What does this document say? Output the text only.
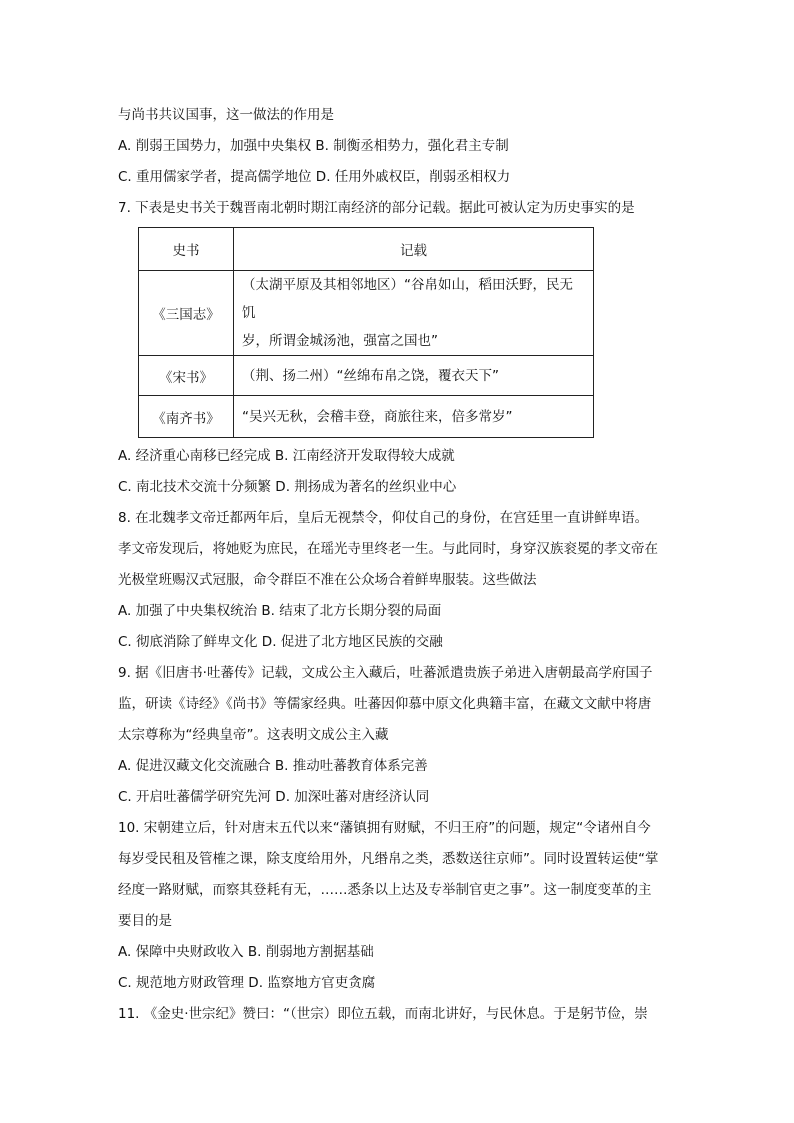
与尚书共议国事，这一做法的作用是
A. 削弱王国势力，加强中央集权 B. 制衡丞相势力，强化君主专制
C. 重用儒家学者，提高儒学地位 D. 任用外戚权臣，削弱丞相权力
7. 下表是史书关于魏晋南北朝时期江南经济的部分记载。据此可被认定为历史事实的是
史书	记载
《三国志》	（太湖平原及其相邻地区）“谷帛如山，稻田沃野，民无饥
岁，所谓金城汤池，强富之国也”

《宋书》	（荆、扬二州）“丝绵布帛之饶，覆衣天下”

《南齐书》	“吴兴无秋，会稽丰登，商旅往来，倍多常岁”
A. 经济重心南移已经完成 B. 江南经济开发取得较大成就
C. 南北技术交流十分频繁 D. 荆扬成为著名的丝织业中心
8. 在北魏孝文帝迁都两年后，皇后无视禁令，仰仗自己的身份，在宫廷里一直讲鲜卑语。
孝文帝发现后，将她贬为庶民，在瑶光寺里终老一生。与此同时，身穿汉族衮冕的孝文帝在
光极堂班赐汉式冠服，命令群臣不准在公众场合着鲜卑服装。这些做法
A. 加强了中央集权统治 B. 结束了北方长期分裂的局面
C. 彻底消除了鲜卑文化 D. 促进了北方地区民族的交融
9. 据《旧唐书·吐蕃传》记载，文成公主入藏后，吐蕃派遣贵族子弟进入唐朝最高学府国子
监，研读《诗经》《尚书》等儒家经典。吐蕃因仰慕中原文化典籍丰富，在藏文文献中将唐
太宗尊称为“经典皇帝”。这表明文成公主入藏
A. 促进汉藏文化交流融合 B. 推动吐蕃教育体系完善
C. 开启吐蕃儒学研究先河 D. 加深吐蕃对唐经济认同
10. 宋朝建立后，针对唐末五代以来“藩镇拥有财赋，不归王府”的问题，规定“令诸州自今
每岁受民租及管榷之课，除支度给用外，凡缗帛之类，悉数送往京师”。同时设置转运使“掌
经度一路财赋，而察其登耗有无，……悉条以上达及专举制官吏之事”。这一制度变革的主
要目的是
A. 保障中央财政收入 B. 削弱地方割据基础
C. 规范地方财政管理 D. 监察地方官吏贪腐
11. 《金史·世宗纪》赞曰：“（世宗）即位五载，而南北讲好，与民休息。于是躬节俭，崇
